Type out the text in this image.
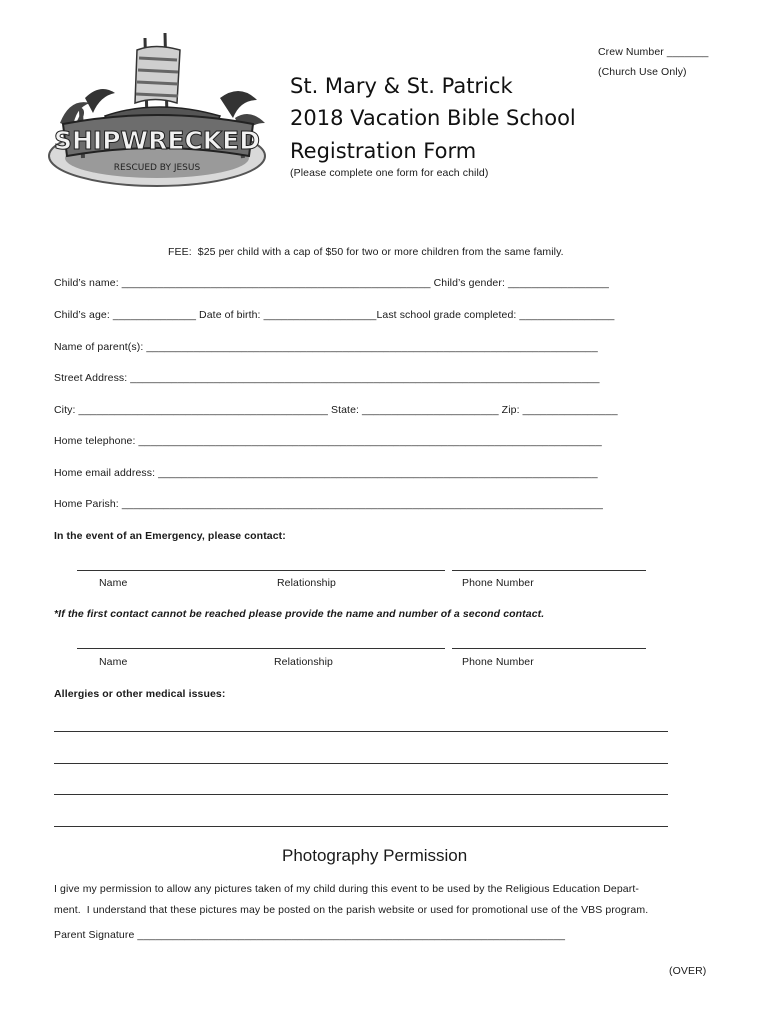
SHIPWRECKED
RESCUED BY JESUS
Crew Number _______
(Church Use Only)
St. Mary & St. Patrick
2018 Vacation Bible School
Registration Form
(Please complete one form for each child)
FEE:  $25 per child with a cap of $50 for two or more children from the same family.
Child’s name: ____________________________________________________ Child’s gender: _________________
Child’s age: ______________ Date of birth: ___________________Last school grade completed: ________________
Name of parent(s): ____________________________________________________________________________
Street Address: _______________________________________________________________________________
City: __________________________________________ State: _______________________ Zip: ________________
Home telephone: ______________________________________________________________________________
Home email address: __________________________________________________________________________
Home Parish: _________________________________________________________________________________
In the event of an Emergency, please contact:
Name	Relationship	Phone Number
*If the first contact cannot be reached please provide the name and number of a second contact.
Name	Relationship	Phone Number
Allergies or other medical issues:
Photography Permission
I give my permission to allow any pictures taken of my child during this event to be used by the Religious Education Depart-
ment.  I understand that these pictures may be posted on the parish website or used for promotional use of the VBS program.
Parent Signature ________________________________________________________________________
(OVER)
